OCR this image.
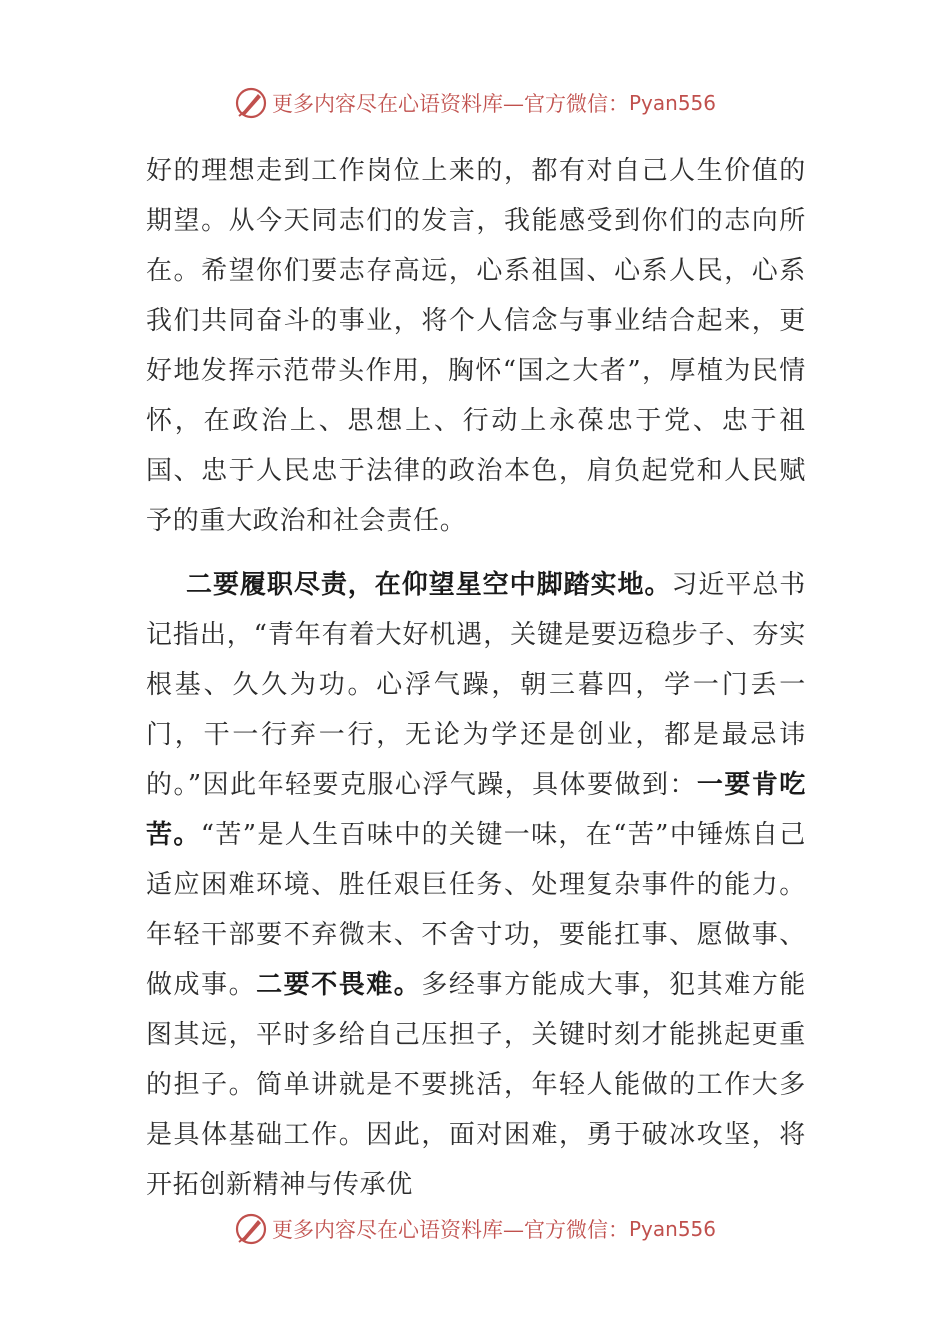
更多内容尽在心语资料库—官方微信： Pyan556

好的理想走到工作岗位上来的，都有对自己人生价值的期望。从今天同志们的发言，我能感受到你们的志向所在。希望你们要志存高远，心系祖国、心系人民，心系我们共同奋斗的事业，将个人信念与事业结合起来，更好地发挥示范带头作用，胸怀“国之大者”，厚植为民情怀，在政治上、思想上、行动上永葆忠于党、忠于祖国、忠于人民忠于法律的政治本色，肩负起党和人民赋予的重大政治和社会责任。

二要履职尽责，在仰望星空中脚踏实地。习近平总书记指出，“青年有着大好机遇，关键是要迈稳步子、夯实根基、久久为功。心浮气躁，朝三暮四，学一门丢一门，干一行弃一行，无论为学还是创业，都是最忌讳的。”因此年轻要克服心浮气躁，具体要做到：一要肯吃苦。“苦”是人生百味中的关键一味，在“苦”中锤炼自己适应困难环境、胜任艰巨任务、处理复杂事件的能力。年轻干部要不弃微末、不舍寸功，要能扛事、愿做事、做成事。二要不畏难。多经事方能成大事，犯其难方能图其远，平时多给自己压担子，关键时刻才能挑起更重的担子。简单讲就是不要挑活，年轻人能做的工作大多是具体基础工作。因此，面对困难，勇于破冰攻坚，将开拓创新精神与传承优

更多内容尽在心语资料库—官方微信： Pyan556
